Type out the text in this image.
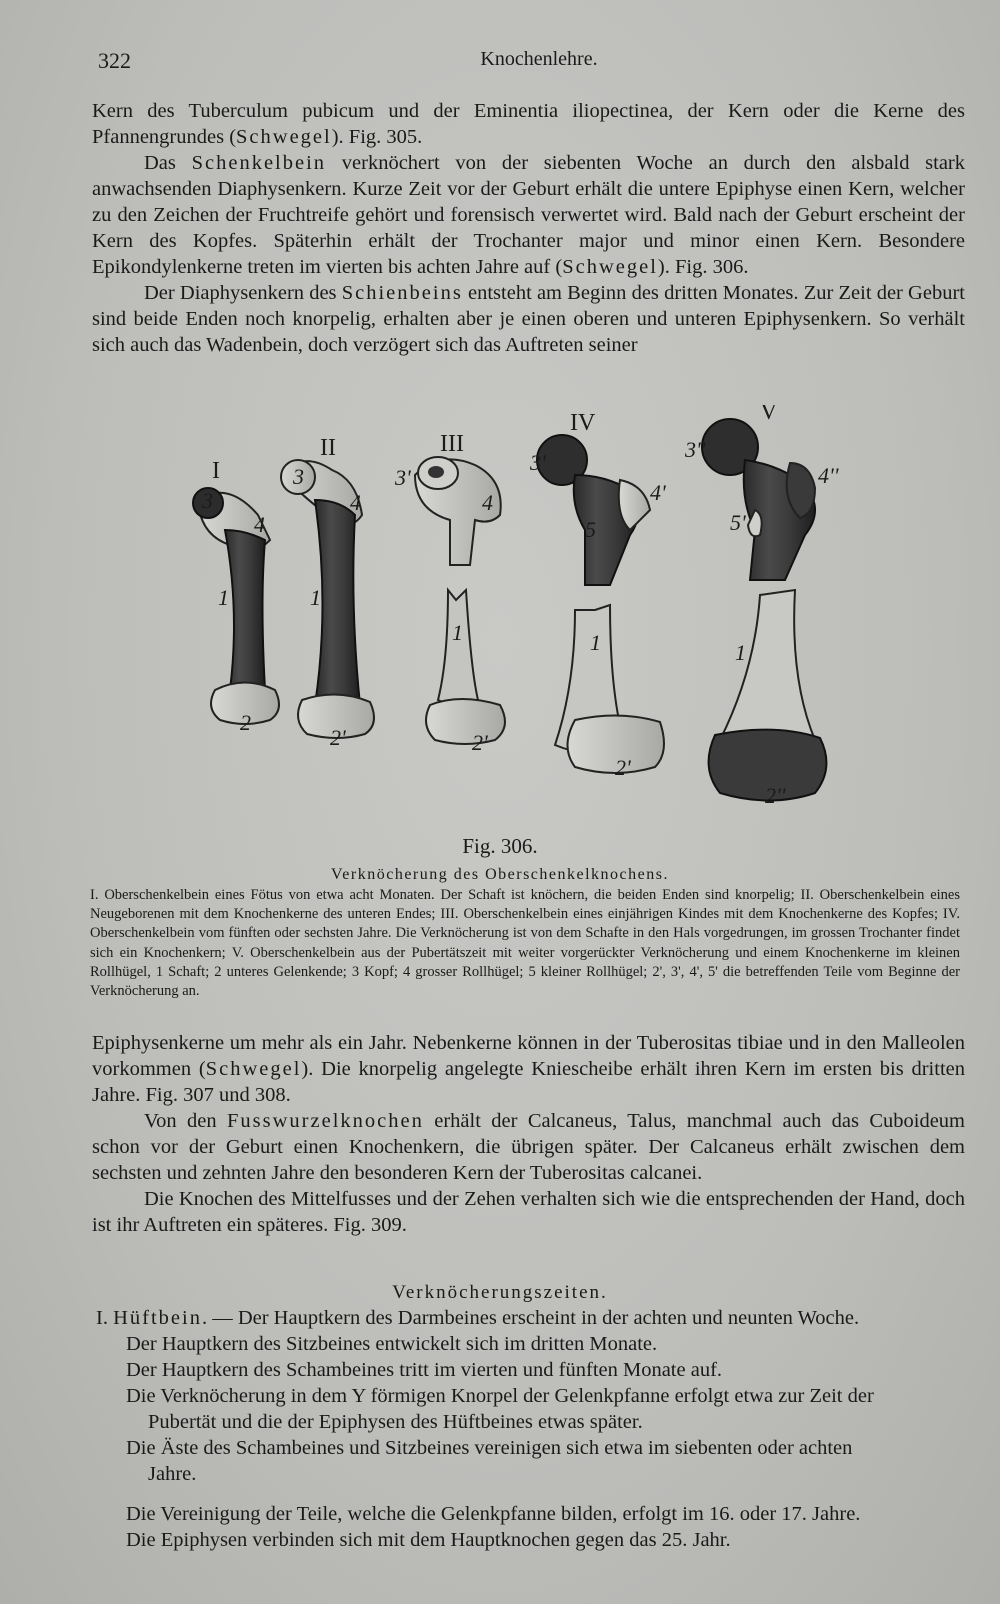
322	Knochenlehre.

Kern des Tuberculum pubicum und der Eminentia iliopectinea, der Kern oder die Kerne des Pfannengrundes (Schwegel). Fig. 305.

Das Schenkelbein verknöchert von der siebenten Woche an durch den alsbald stark anwachsenden Diaphysenkern. Kurze Zeit vor der Geburt erhält die untere Epiphyse einen Kern, welcher zu den Zeichen der Fruchtreife gehört und forensisch verwertet wird. Bald nach der Geburt erscheint der Kern des Kopfes. Späterhin erhält der Trochanter major und minor einen Kern. Besondere Epikondylenkerne treten im vierten bis achten Jahre auf (Schwegel). Fig. 306.

Der Diaphysenkern des Schienbeins entsteht am Beginn des dritten Monates. Zur Zeit der Geburt sind beide Enden noch knorpelig, erhalten aber je einen oberen und unteren Epiphysenkern. So verhält sich auch das Wadenbein, doch verzögert sich das Auftreten seiner

I
3
4
1
2
II
3
4
1
2'
III
3'
4
1
2'
IV
3'
4'
5
1
2'
V
3''
4''
5'
1
2''
Fig. 306.
Verknöcherung des Oberschenkelknochens.

I. Oberschenkelbein eines Fötus von etwa acht Monaten. Der Schaft ist knöchern, die beiden Enden sind knorpelig; II. Oberschenkelbein eines Neugeborenen mit dem Knochenkerne des unteren Endes; III. Oberschenkelbein eines einjährigen Kindes mit dem Knochenkerne des Kopfes; IV. Oberschenkelbein vom fünften oder sechsten Jahre. Die Verknöcherung ist von dem Schafte in den Hals vorgedrungen, im grossen Trochanter findet sich ein Knochenkern; V. Oberschenkelbein aus der Pubertätszeit mit weiter vorgerückter Verknöcherung und einem Knochenkerne im kleinen Rollhügel, 1 Schaft; 2 unteres Gelenkende; 3 Kopf; 4 grosser Rollhügel; 5 kleiner Rollhügel; 2', 3', 4', 5' die betreffenden Teile vom Beginne der Verknöcherung an.

Epiphysenkerne um mehr als ein Jahr. Nebenkerne können in der Tuberositas tibiae und in den Malleolen vorkommen (Schwegel). Die knorpelig angelegte Kniescheibe erhält ihren Kern im ersten bis dritten Jahre. Fig. 307 und 308.

Von den Fusswurzelknochen erhält der Calcaneus, Talus, manchmal auch das Cuboideum schon vor der Geburt einen Knochenkern, die übrigen später. Der Calcaneus erhält zwischen dem sechsten und zehnten Jahre den besonderen Kern der Tuberositas calcanei.

Die Knochen des Mittelfusses und der Zehen verhalten sich wie die entsprechenden der Hand, doch ist ihr Auftreten ein späteres. Fig. 309.

Verknöcherungszeiten.

I. Hüftbein. — Der Hauptkern des Darmbeines erscheint in der achten und neunten Woche.

Der Hauptkern des Sitzbeines entwickelt sich im dritten Monate.

Der Hauptkern des Schambeines tritt im vierten und fünften Monate auf.

Die Verknöcherung in dem Y förmigen Knorpel der Gelenkpfanne erfolgt etwa zur Zeit der

Pubertät und die der Epiphysen des Hüftbeines etwas später.

Die Äste des Schambeines und Sitzbeines vereinigen sich etwa im siebenten oder achten

Jahre.

Die Vereinigung der Teile, welche die Gelenkpfanne bilden, erfolgt im 16. oder 17. Jahre.

Die Epiphysen verbinden sich mit dem Hauptknochen gegen das 25. Jahr.
